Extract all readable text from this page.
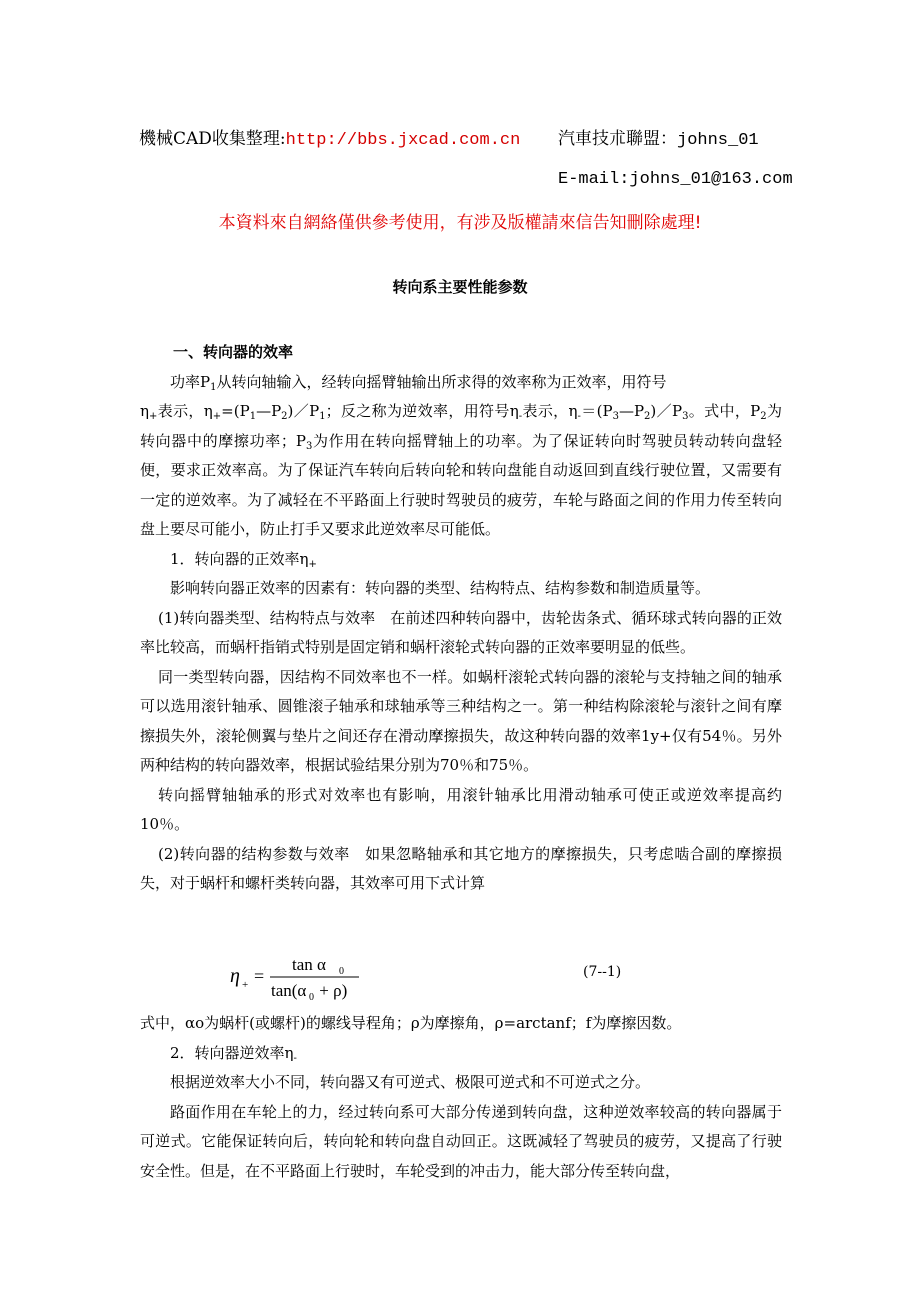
機械CAD收集整理:http://bbs.jxcad.com.cn 汽車技朮聯盟：johns_01
E-mail:johns_01@163.com
本資料來自網絡僅供參考使用，有涉及版權請來信告知刪除處理!
转向系主要性能参数

一、转向器的效率

功率$P_1$从转向轴输入，经转向摇臂轴输出所求得的效率称为正效率，用符号

$\eta_+$表示，$\eta_+=(P_1—P_2)/P_1$；反之称为逆效率，用符号$\eta_-$表示，$\eta_-=(P_3—P_2)/P_3$。式中，$P_2$为转向器中的摩擦功率；$P_3$为作用在转向摇臂轴上的功率。为了保证转向时驾驶员转动转向盘轻便，要求正效率高。为了保证汽车转向后转向轮和转向盘能自动返回到直线行驶位置，又需要有一定的逆效率。为了减轻在不平路面上行驶时驾驶员的疲劳，车轮与路面之间的作用力传至转向盘上要尽可能小，防止打手又要求此逆效率尽可能低。

1．转向器的正效率$\eta_+$

影响转向器正效率的因素有：转向器的类型、结构特点、结构参数和制造质量等。

(1)转向器类型、结构特点与效率　在前述四种转向器中，齿轮齿条式、循环球式转向器的正效率比较高，而蜗杆指销式特别是固定销和蜗杆滚轮式转向器的正效率要明显的低些。

同一类型转向器，因结构不同效率也不一样。如蜗杆滚轮式转向器的滚轮与支持轴之间的轴承可以选用滚针轴承、圆锥滚子轴承和球轴承等三种结构之一。第一种结构除滚轮与滚针之间有摩擦损失外，滚轮侧翼与垫片之间还存在滑动摩擦损失，故这种转向器的效率1y+仅有54％。另外两种结构的转向器效率，根据试验结果分别为70％和75％。

转向摇臂轴轴承的形式对效率也有影响，用滚针轴承比用滑动轴承可使正或逆效率提高约10％。

(2)转向器的结构参数与效率　如果忽略轴承和其它地方的摩擦损失，只考虑啮合副的摩擦损失，对于蜗杆和螺杆类转向器，其效率可用下式计算

η + =
tan α 0
tan(α 0 + ρ)
(7--1)

式中，αo为蜗杆(或螺杆)的螺线导程角；ρ为摩擦角，ρ=arctanf；f为摩擦因数。

2．转向器逆效率$\eta_-$

根据逆效率大小不同，转向器又有可逆式、极限可逆式和不可逆式之分。

路面作用在车轮上的力，经过转向系可大部分传递到转向盘，这种逆效率较高的转向器属于可逆式。它能保证转向后，转向轮和转向盘自动回正。这既减轻了驾驶员的疲劳，又提高了行驶安全性。但是，在不平路面上行驶时，车轮受到的冲击力，能大部分传至转向盘，
